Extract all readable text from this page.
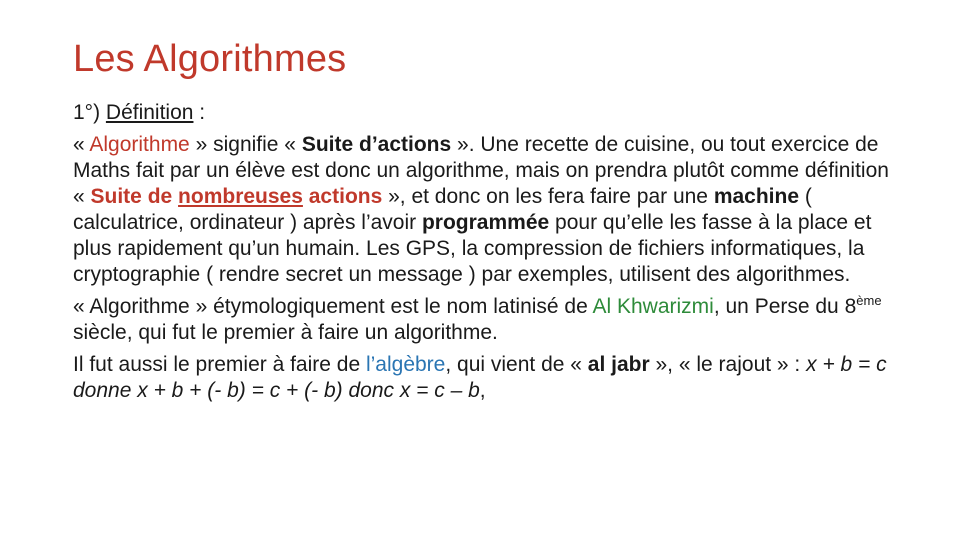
Les Algorithmes

1°) Définition :

« Algorithme » signifie « Suite d’actions ». Une recette de cuisine, ou tout exercice de Maths fait par un élève est donc un algorithme, mais on prendra plutôt comme définition « Suite de nombreuses actions », et donc on les fera faire par une machine ( calculatrice, ordinateur ) après l’avoir programmée pour qu’elle les fasse à la place et plus rapidement qu’un humain. Les GPS, la compression de fichiers informatiques, la cryptographie ( rendre secret un message ) par exemples, utilisent des algorithmes.

« Algorithme » étymologiquement est le nom latinisé de Al Khwarizmi, un Perse du 8ème siècle, qui fut le premier à faire un algorithme.

Il fut aussi le premier à faire de l’algèbre, qui vient de « al jabr », « le rajout » : x + b = c donne x + b + (- b) = c + (- b) donc x = c – b,
